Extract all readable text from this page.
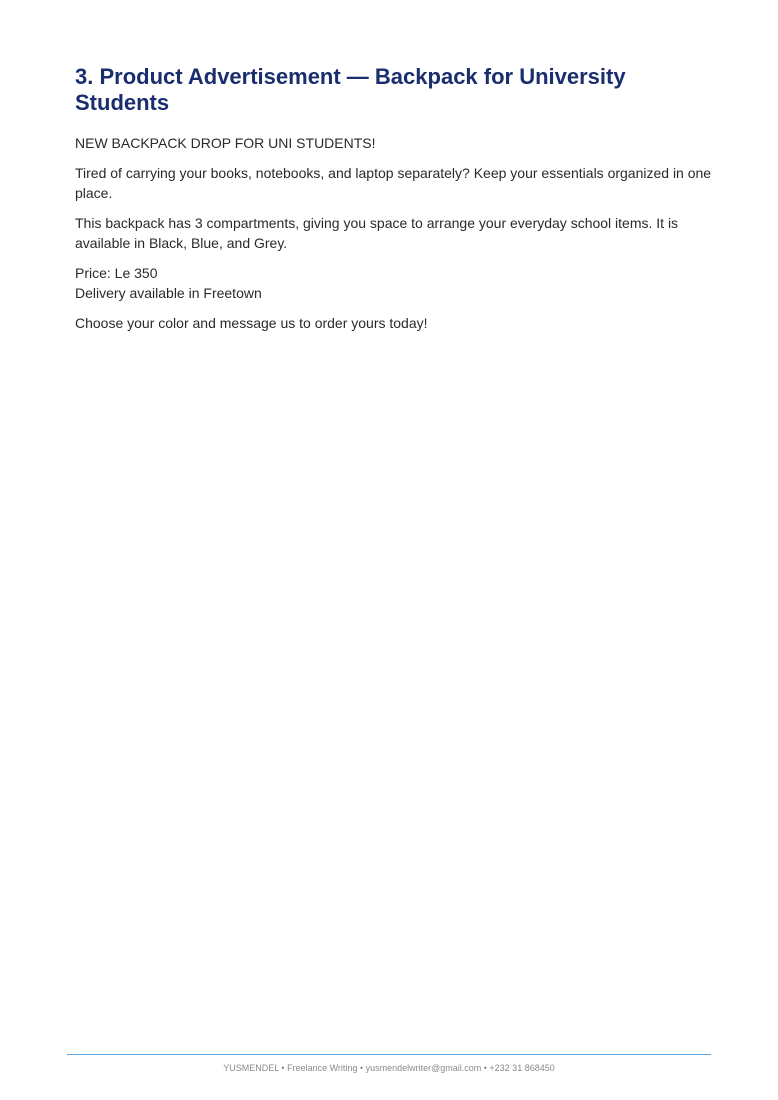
3. Product Advertisement — Backpack for University Students

NEW BACKPACK DROP FOR UNI STUDENTS!

Tired of carrying your books, notebooks, and laptop separately? Keep your essentials organized in one place.

This backpack has 3 compartments, giving you space to arrange your everyday school items. It is available in Black, Blue, and Grey.

Price: Le 350
Delivery available in Freetown

Choose your color and message us to order yours today!

YUSMENDEL • Freelance Writing • yusmendelwriter@gmail.com • +232 31 868450
